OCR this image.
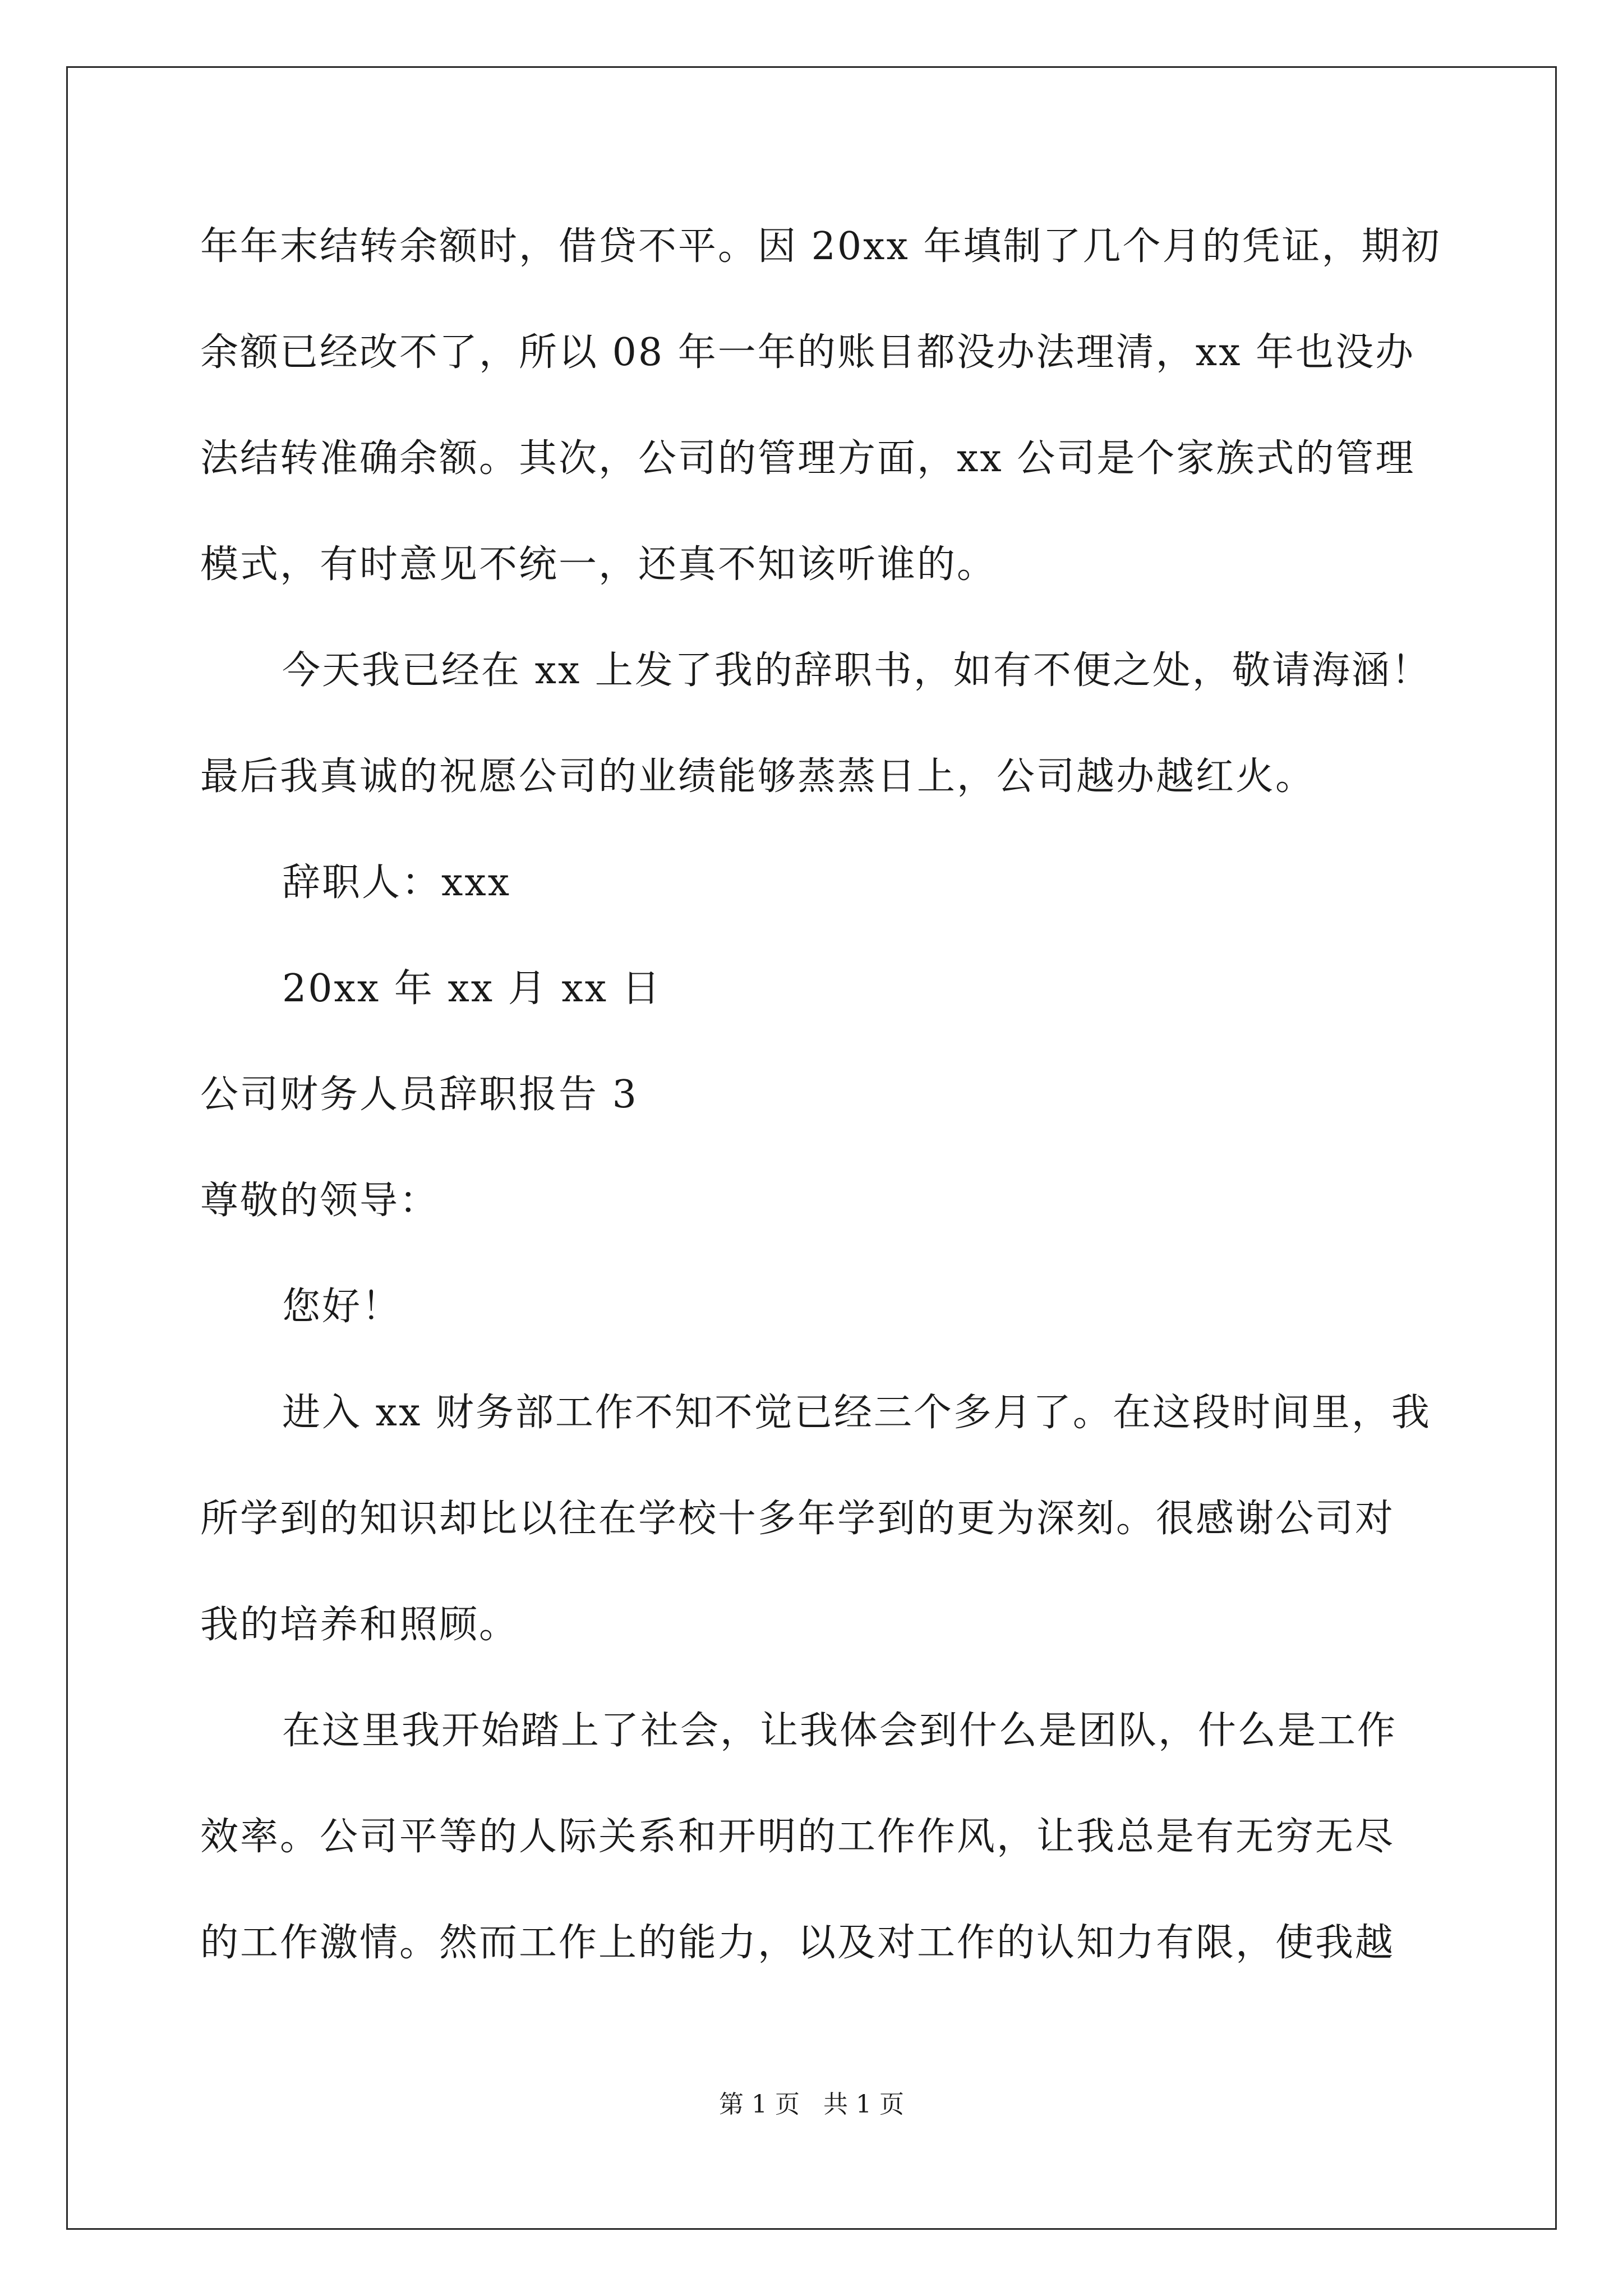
年年末结转余额时，借贷不平。因 20xx 年填制了几个月的凭证，期初
余额已经改不了，所以 08 年一年的账目都没办法理清，xx 年也没办
法结转准确余额。其次，公司的管理方面，xx 公司是个家族式的管理
模式，有时意见不统一，还真不知该听谁的。
今天我已经在 xx 上发了我的辞职书，如有不便之处，敬请海涵！
最后我真诚的祝愿公司的业绩能够蒸蒸日上，公司越办越红火。
辞职人：xxx
20xx 年 xx 月 xx 日
公司财务人员辞职报告 3
尊敬的领导：
您好！
进入 xx 财务部工作不知不觉已经三个多月了。在这段时间里，我
所学到的知识却比以往在学校十多年学到的更为深刻。很感谢公司对
我的培养和照顾。
在这里我开始踏上了社会，让我体会到什么是团队，什么是工作
效率。公司平等的人际关系和开明的工作作风，让我总是有无穷无尽
的工作激情。然而工作上的能力，以及对工作的认知力有限，使我越
第 1 页   共 1 页
